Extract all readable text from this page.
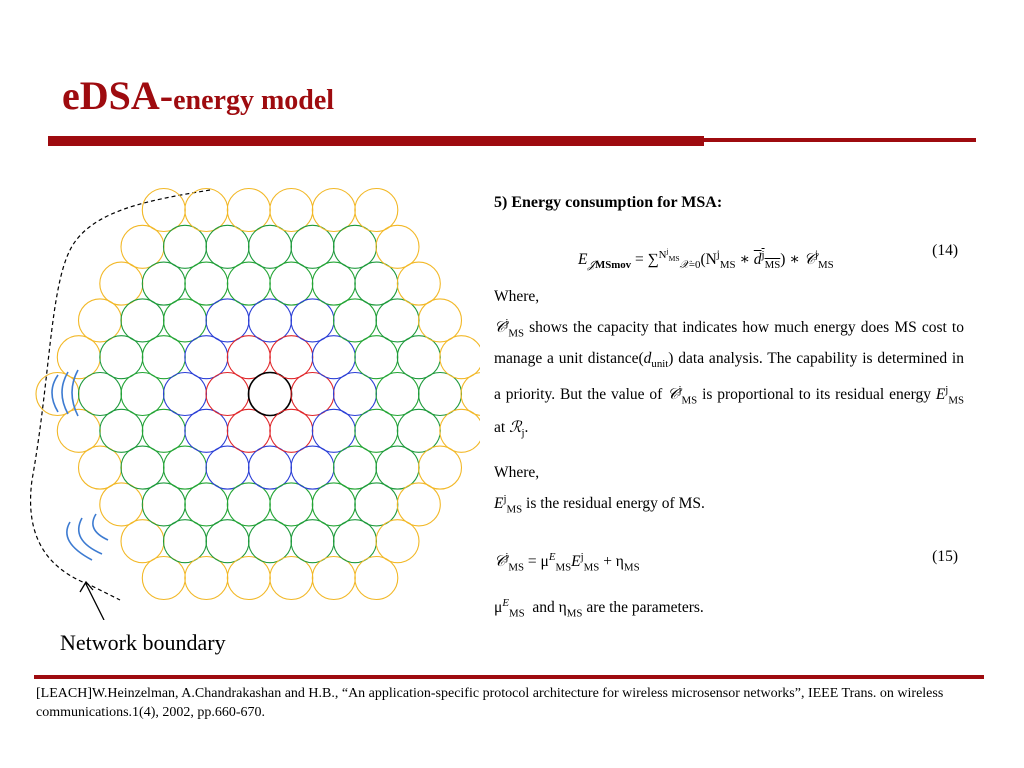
eDSA-energy model
Network boundary
5) Energy consumption for MSA:
$E_{𝒥MSmov} = \sum^{N^j_{MS}}_{𝒳=0}(N^j_{MS}$ ∗ $d^j_{MS}$) ∗ 𝒞$^j_{MS}$
(14)
Where,
𝒞$^j_{MS}$ shows the capacity that indicates how much energy does MS cost to manage a unit $distance(d_{unit})$ data analysis. The capability is determined in a priority. But the value of 𝒞$^j_{MS}$ is proportional to its residual energy $E^j_{MS}$ at ℛ$_j$.
Where,
$E^j_{MS}$ is the residual energy of MS.
𝒞$^j_{MS}$ = $\mu^E_{MS}E^j_{MS} + \eta_{MS}$
(15)
$\mu^E_{MS}$  and $\eta_{MS}$ are the parameters.
[LEACH]W.Heinzelman, A.Chandrakashan and H.B., “An application-specific protocol architecture for wireless microsensor networks”, IEEE Trans. on wireless communications.1(4), 2002, pp.660-670.
